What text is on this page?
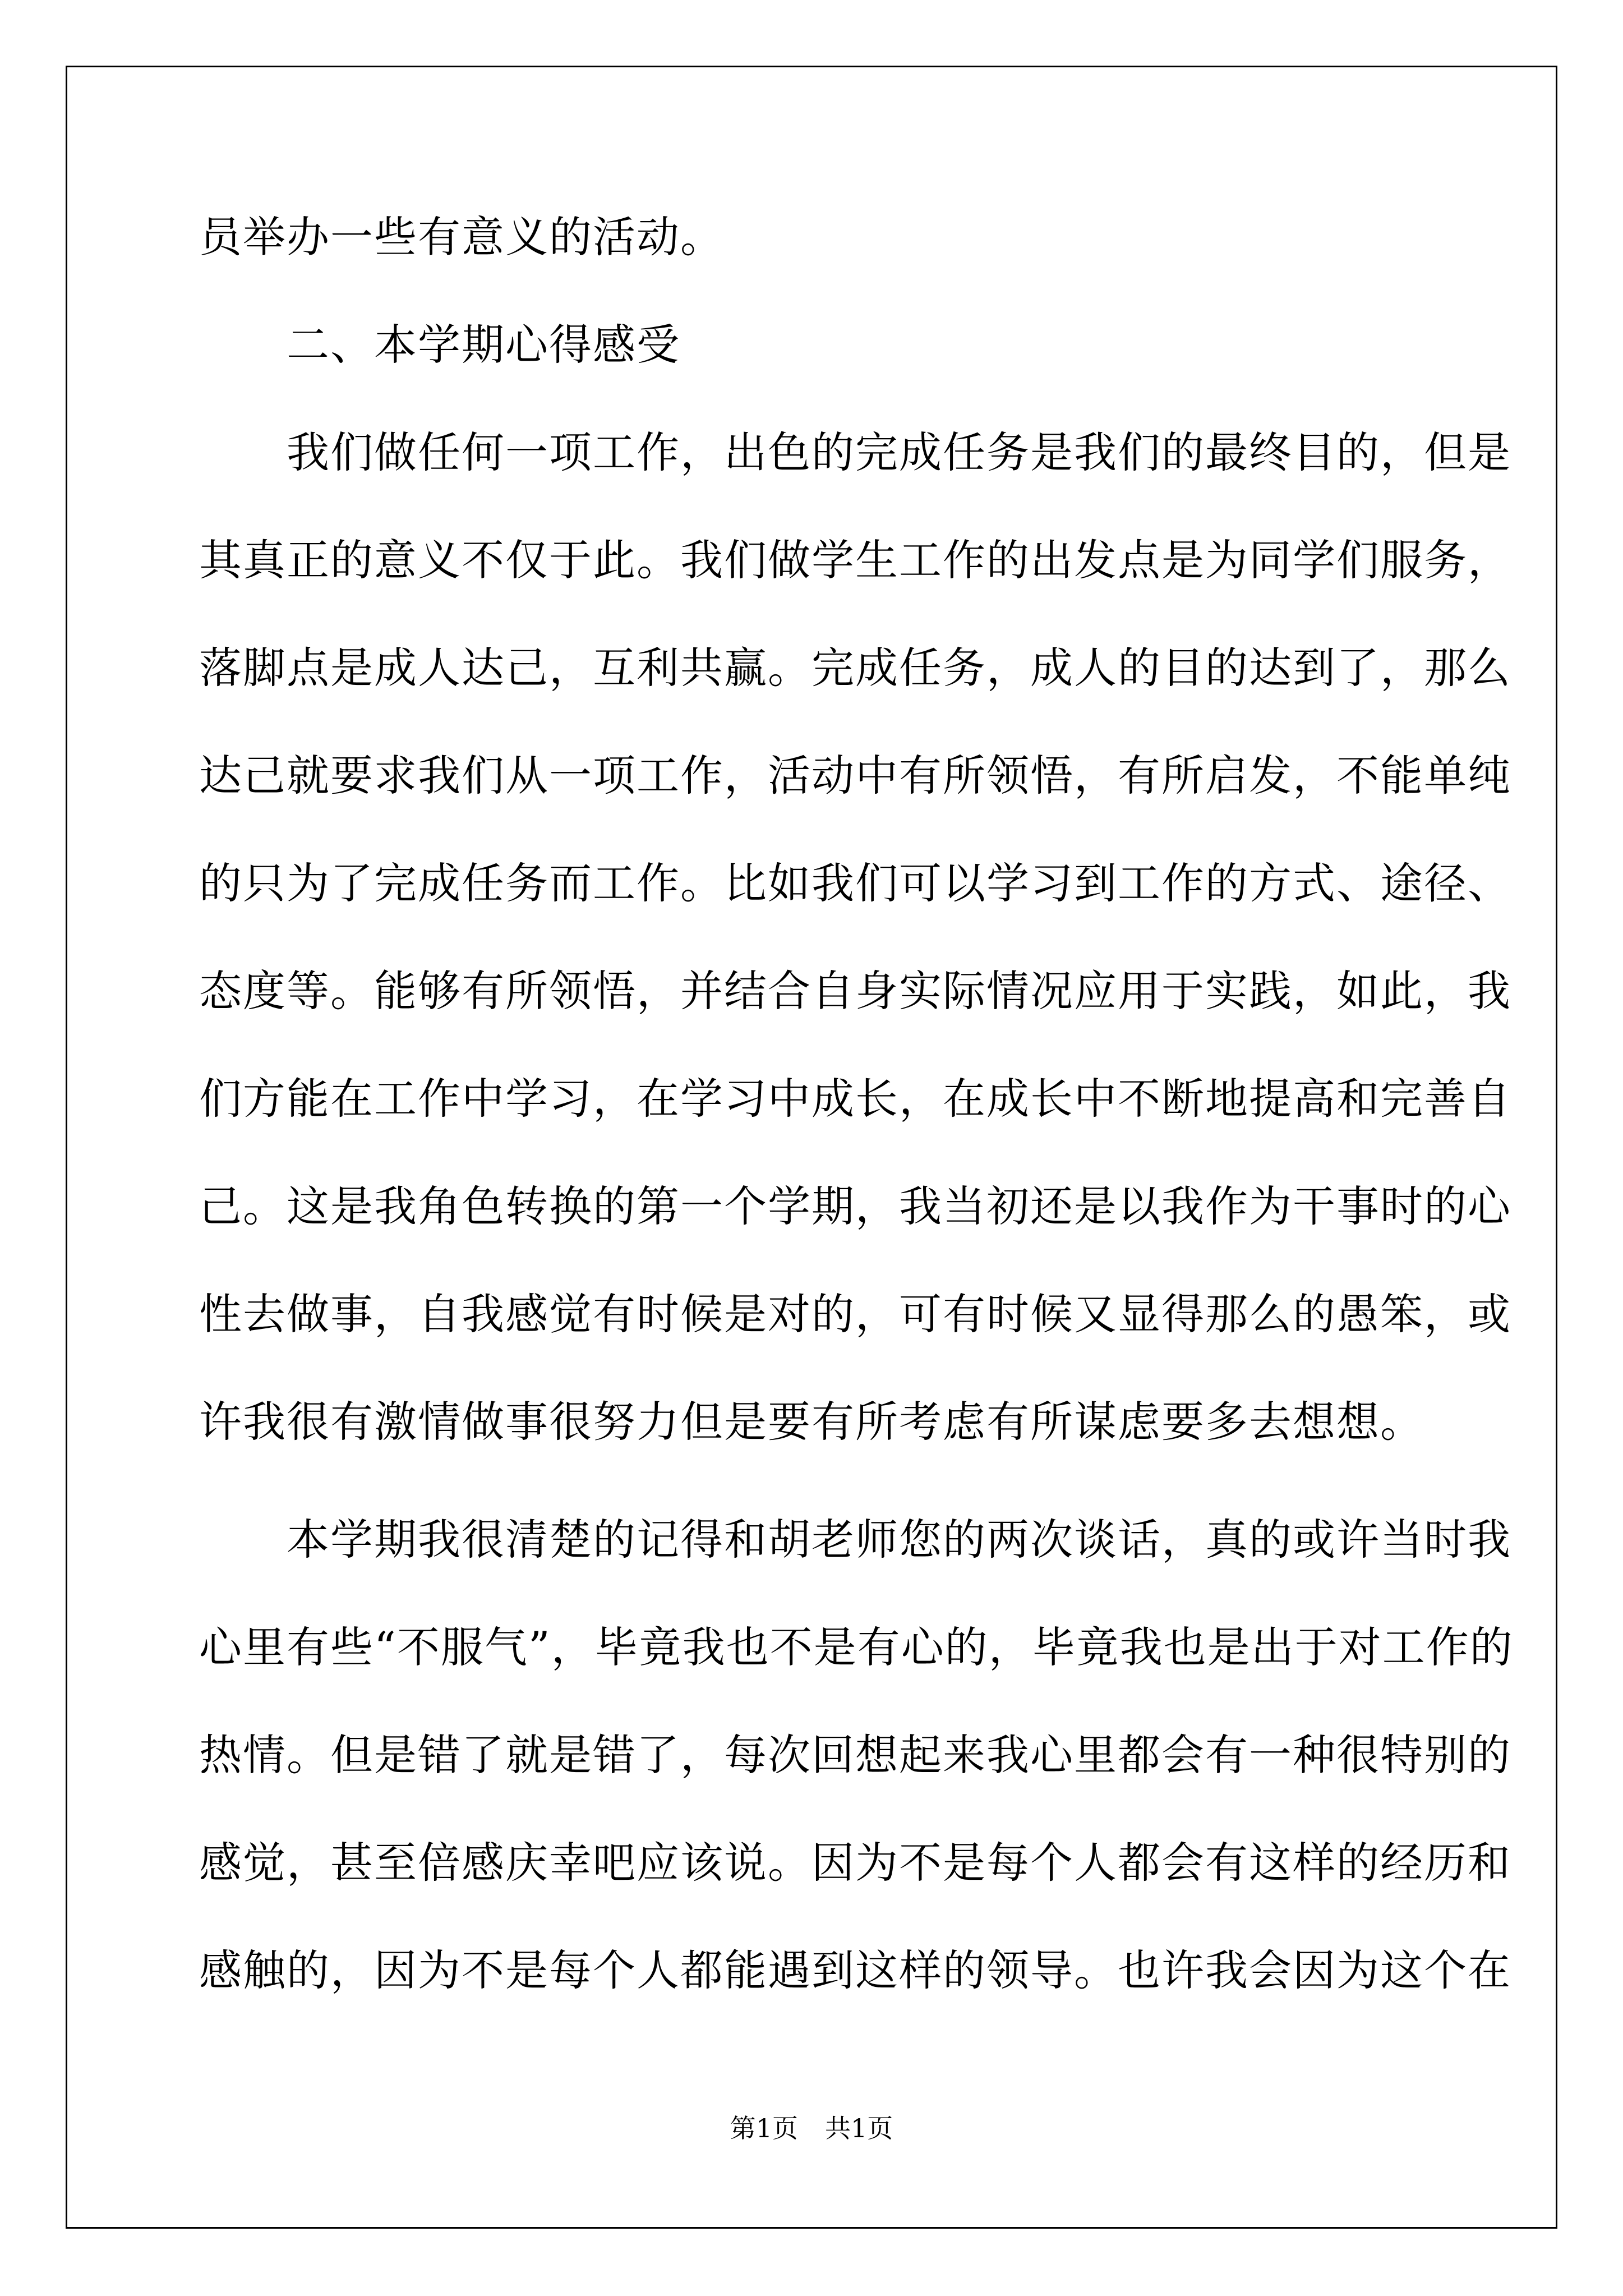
员举办一些有意义的活动。
　　二、本学期心得感受
　　我们做任何一项工作，出色的完成任务是我们的最终目的，但是
其真正的意义不仅于此。我们做学生工作的出发点是为同学们服务，
落脚点是成人达己，互利共赢。完成任务，成人的目的达到了，那么
达己就要求我们从一项工作，活动中有所领悟，有所启发，不能单纯
的只为了完成任务而工作。比如我们可以学习到工作的方式、途径、
态度等。能够有所领悟，并结合自身实际情况应用于实践，如此，我
们方能在工作中学习，在学习中成长，在成长中不断地提高和完善自
己。这是我角色转换的第一个学期，我当初还是以我作为干事时的心
性去做事，自我感觉有时候是对的，可有时候又显得那么的愚笨，或
许我很有激情做事很努力但是要有所考虑有所谋虑要多去想想。
　　本学期我很清楚的记得和胡老师您的两次谈话，真的或许当时我
心里有些“不服气”，毕竟我也不是有心的，毕竟我也是出于对工作的
热情。但是错了就是错了，每次回想起来我心里都会有一种很特别的
感觉，甚至倍感庆幸吧应该说。因为不是每个人都会有这样的经历和
感触的，因为不是每个人都能遇到这样的领导。也许我会因为这个在
第1页 共1页
